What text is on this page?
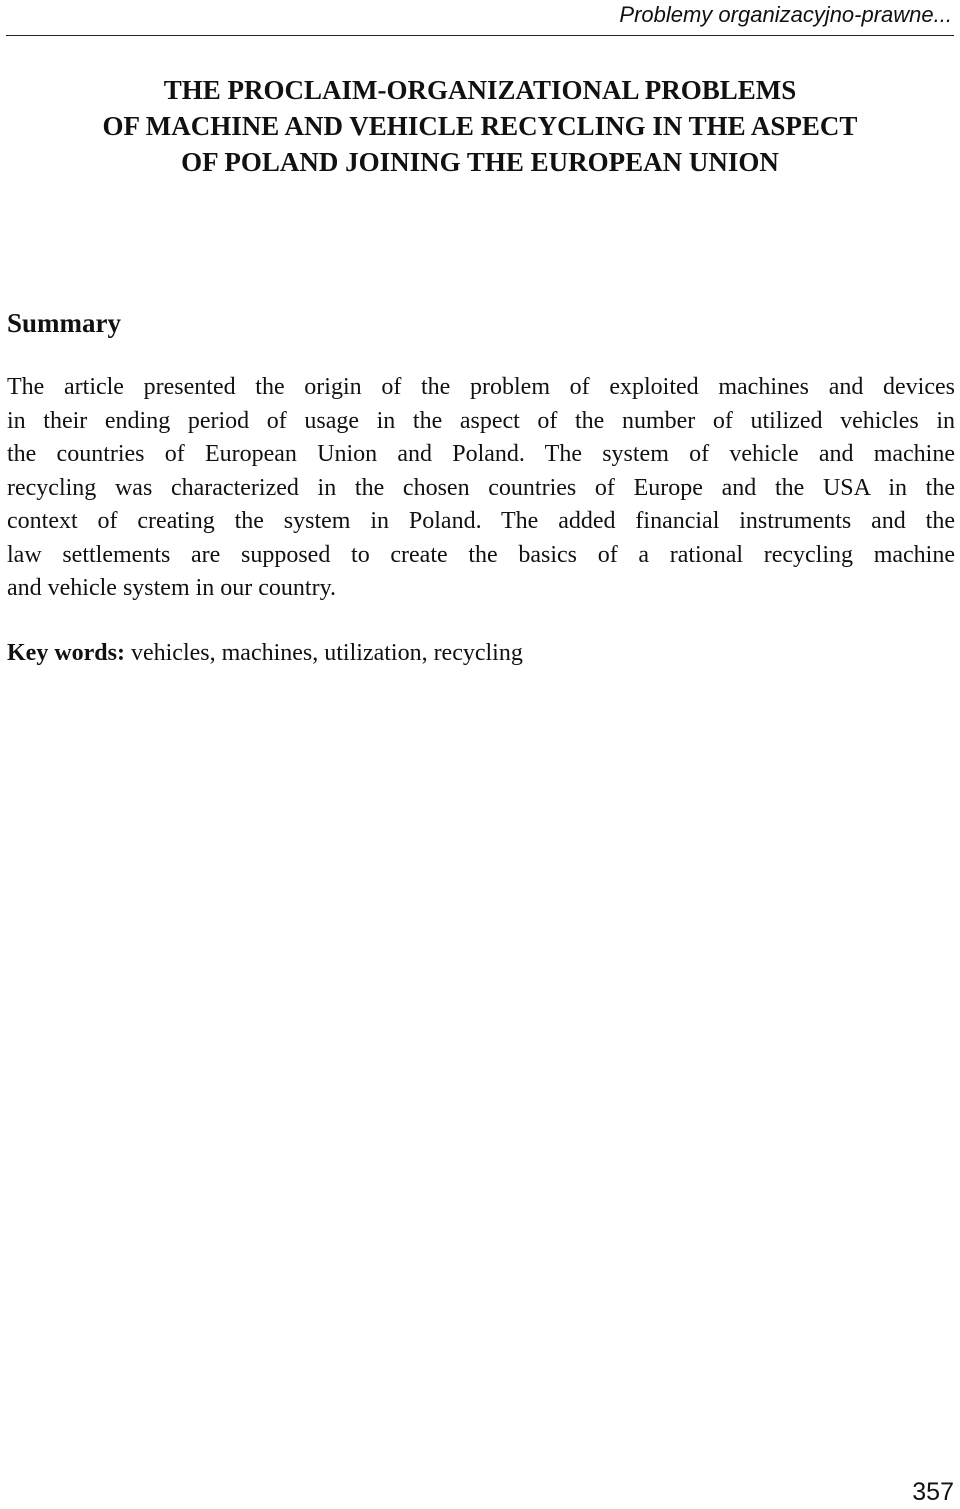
Problemy organizacyjno-prawne...
THE PROCLAIM-ORGANIZATIONAL PROBLEMS
OF MACHINE AND VEHICLE RECYCLING IN THE ASPECT
OF POLAND JOINING THE EUROPEAN UNION
Summary
The article presented the origin of the problem of exploited machines and devices
in their ending period of usage in the aspect of the number of utilized vehicles in
the countries of European Union and Poland. The system of vehicle and machine
recycling was characterized in the chosen countries of Europe and the USA in the
context of creating the system in Poland. The added financial instruments and the
law settlements are supposed to create the basics of a rational recycling machine
and vehicle system in our country.
Key words: vehicles, machines, utilization, recycling
357
